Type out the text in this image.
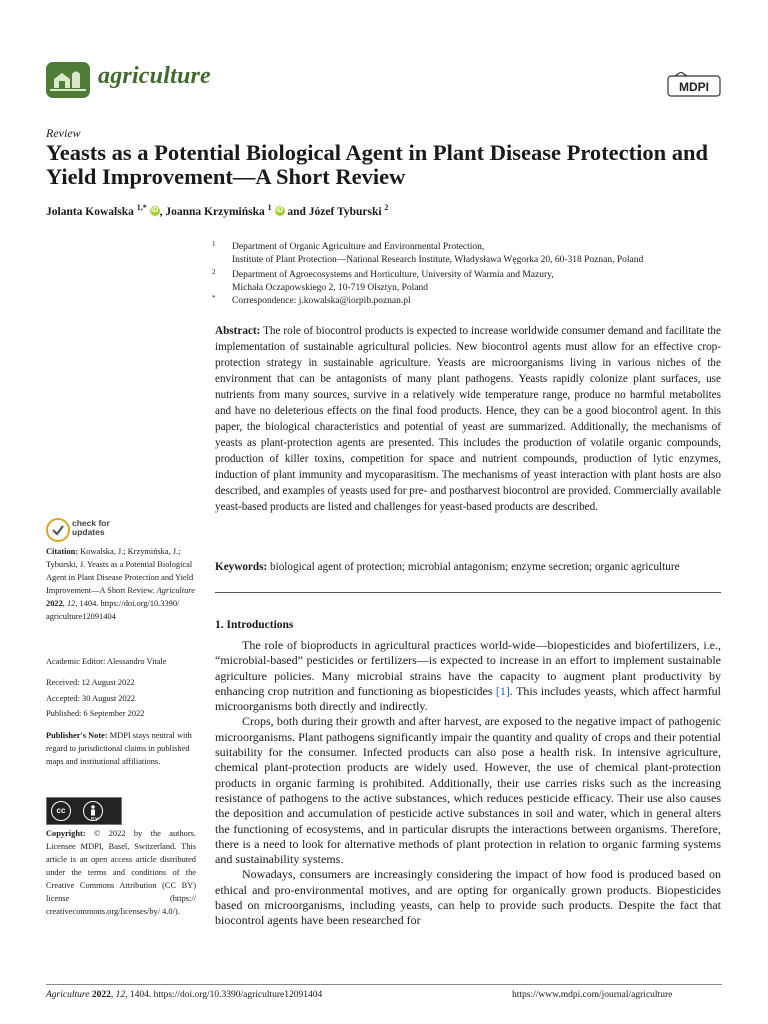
agriculture	MDPI
Review
Yeasts as a Potential Biological Agent in Plant Disease Protection and Yield Improvement—A Short Review
Jolanta Kowalska $^{1,*}$ iD , Joanna Krzymińska $^1$ iD and Józef Tyburski $^2$
1 Department of Organic Agriculture and Environmental Protection,
Institute of Plant Protection—National Research Institute, Władysława Węgorka 20, 60-318 Poznan, Poland
2 Department of Agroecosystems and Horticulture, University of Warmia and Mazury,
Michała Oczapowskiego 2, 10-719 Olsztyn, Poland
* Correspondence: j.kowalska@iorpib.poznan.pl
Abstract: The role of biocontrol products is expected to increase worldwide consumer demand and facilitate the implementation of sustainable agricultural policies. New biocontrol agents must allow for an effective crop-protection strategy in sustainable agriculture. Yeasts are microorganisms living in various niches of the environment that can be antagonists of many plant pathogens. Yeasts rapidly colonize plant surfaces, use nutrients from many sources, survive in a relatively wide temperature range, produce no harmful metabolites and have no deleterious effects on the final food products. Hence, they can be a good biocontrol agent. In this paper, the biological characteristics and potential of yeast are summarized. Additionally, the mechanisms of yeasts as plant-protection agents are presented. This includes the production of volatile organic compounds, production of killer toxins, competition for space and nutrient compounds, production of lytic enzymes, induction of plant immunity and mycoparasitism. The mechanisms of yeast interaction with plant hosts are also described, and examples of yeasts used for pre- and postharvest biocontrol are provided. Commercially available yeast-based products are listed and challenges for yeast-based products are described.
Keywords: biological agent of protection; microbial antagonism; enzyme secretion; organic agriculture
check for
updates
Citation: Kowalska, J.; Krzymińska, J.; Tyburski, J. Yeasts as a Potential Biological Agent in Plant Disease Protection and Yield Improvement—A Short Review. Agriculture 2022, 12, 1404. https://doi.org/10.3390/ agriculture12091404
Academic Editor: Alessandro Vitale
Received: 12 August 2022
Accepted: 30 August 2022
Published: 6 September 2022
Publisher's Note: MDPI stays neutral with regard to jurisdictional claims in published maps and institutional affiliations.
cc
BY
Copyright: © 2022 by the authors. Licensee MDPI, Basel, Switzerland. This article is an open access article distributed under the terms and conditions of the Creative Commons Attribution (CC BY) license (https:// creativecommons.org/licenses/by/ 4.0/).
1. Introductions

The role of bioproducts in agricultural practices world-wide—biopesticides and biofertilizers, i.e., “microbial-based” pesticides or fertilizers—is expected to increase in an effort to implement sustainable agriculture policies. Many microbial strains have the capacity to augment plant productivity by enhancing crop nutrition and functioning as biopesticides [1]. This includes yeasts, which affect harmful microorganisms both directly and indirectly.

Crops, both during their growth and after harvest, are exposed to the negative impact of pathogenic microorganisms. Plant pathogens significantly impair the quantity and quality of crops and their potential suitability for the consumer. Infected products can also pose a health risk. In intensive agriculture, chemical plant-protection products are widely used. However, the use of chemical plant-protection products in organic farming is prohibited. Additionally, their use carries risks such as the increasing resistance of pathogens to the active substances, which reduces pesticide efficacy. Their use also causes the deposition and accumulation of pesticide active substances in soil and water, which in general alters the functioning of ecosystems, and in particular disrupts the interactions between organisms. Therefore, there is a need to look for alternative methods of plant protection in relation to organic farming systems and sustainability systems.

Nowadays, consumers are increasingly considering the impact of how food is produced based on ethical and pro-environmental motives, and are opting for organically grown products. Biopesticides based on microorganisms, including yeasts, can help to provide such products. Despite the fact that biocontrol agents have been researched for

Agriculture 2022, 12, 1404. https://doi.org/10.3390/agriculture12091404	https://www.mdpi.com/journal/agriculture
